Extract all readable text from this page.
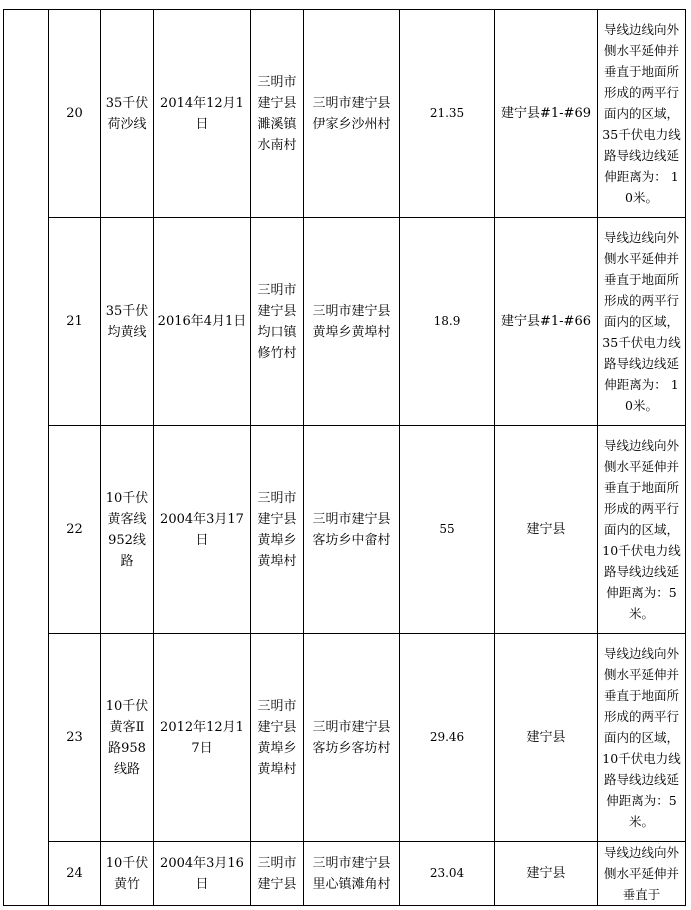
	20	35千伏荷沙线	2014年12月1日	三明市建宁县濉溪镇水南村	三明市建宁县伊家乡沙州村	21.35	建宁县#1-#69	导线边线向外侧水平延伸并垂直于地面所形成的两平行面内的区域，35千伏电力线路导线边线延伸距离为： 10米。
	21	35千伏均黄线	2016年4月1日	三明市建宁县均口镇修竹村	三明市建宁县黄埠乡黄埠村	18.9	建宁县#1-#66	导线边线向外侧水平延伸并垂直于地面所形成的两平行面内的区域，35千伏电力线路导线边线延伸距离为： 10米。
	22	10千伏黄客线952线路	2004年3月17日	三明市建宁县黄埠乡黄埠村	三明市建宁县客坊乡中畲村	55	建宁县	导线边线向外侧水平延伸并垂直于地面所形成的两平行面内的区域，10千伏电力线路导线边线延伸距离为：5米。
	23	10千伏黄客Ⅱ路958线路	2012年12月17日	三明市建宁县黄埠乡黄埠村	三明市建宁县客坊乡客坊村	29.46	建宁县	导线边线向外侧水平延伸并垂直于地面所形成的两平行面内的区域，10千伏电力线路导线边线延伸距离为：5米。
	24	10千伏黄竹	2004年3月16日	三明市建宁县	三明市建宁县里心镇滩角村	23.04	建宁县	导线边线向外侧水平延伸并垂直于
